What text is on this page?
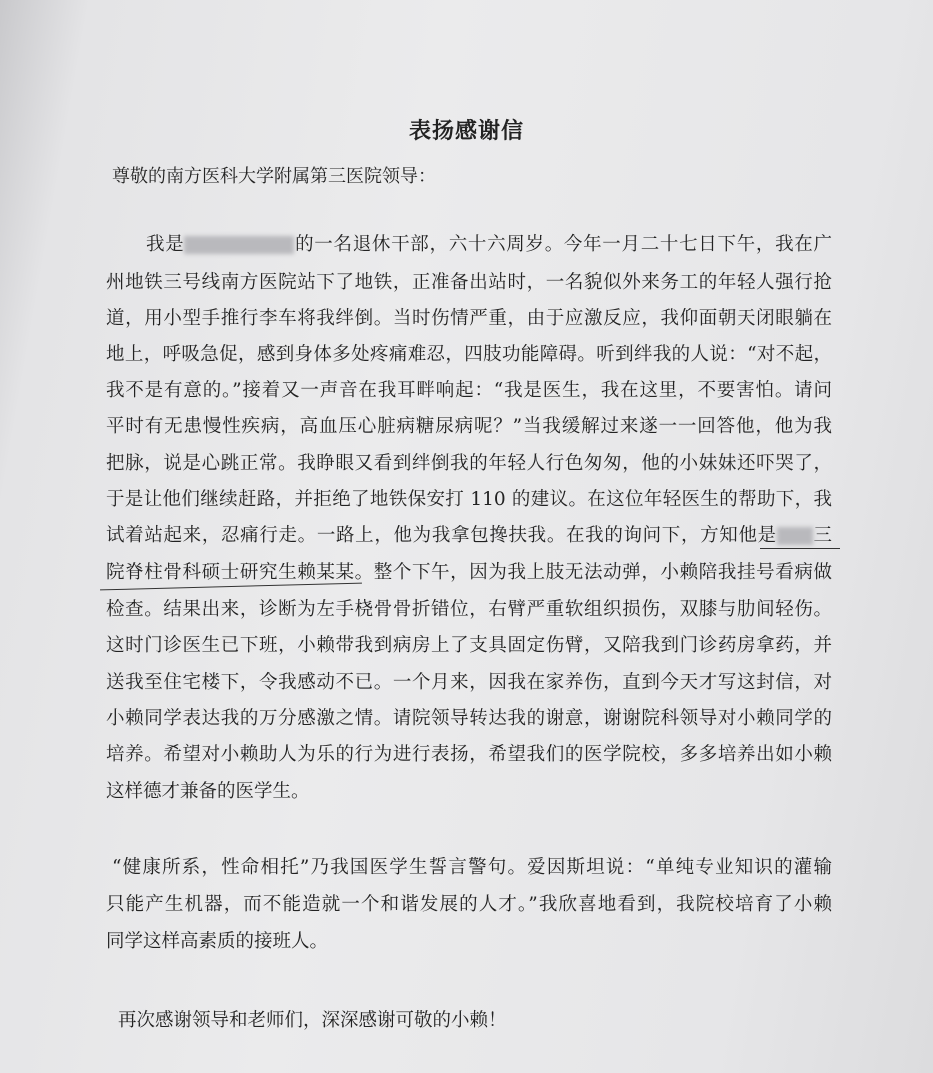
表扬感谢信
尊敬的南方医科大学附属第三医院领导：
我是	的一名退休干部，六十六周岁。今年一月二十七日下午，我在广
州地铁三号线南方医院站下了地铁，正准备出站时，一名貌似外来务工的年轻人强行抢
道，用小型手推行李车将我绊倒。当时伤情严重，由于应激反应，我仰面朝天闭眼躺在
地上，呼吸急促，感到身体多处疼痛难忍，四肢功能障碍。听到绊我的人说：“对不起，
我不是有意的。”接着又一声音在我耳畔响起：“我是医生，我在这里，不要害怕。请问
平时有无患慢性疾病，高血压心脏病糖尿病呢？”当我缓解过来遂一一回答他，他为我
把脉，说是心跳正常。我睁眼又看到绊倒我的年轻人行色匆匆，他的小妹妹还吓哭了，
于是让他们继续赶路，并拒绝了地铁保安打 110 的建议。在这位年轻医生的帮助下，我
试着站起来，忍痛行走。一路上，他为我拿包搀扶我。在我的询问下，方知他是 三
院脊柱骨科硕士研究生赖某某。整个下午，因为我上肢无法动弹，小赖陪我挂号看病做
检查。结果出来，诊断为左手桡骨骨折错位，右臂严重软组织损伤，双膝与肋间轻伤。
这时门诊医生已下班，小赖带我到病房上了支具固定伤臂，又陪我到门诊药房拿药，并
送我至住宅楼下，令我感动不已。一个月来，因我在家养伤，直到今天才写这封信，对
小赖同学表达我的万分感激之情。请院领导转达我的谢意，谢谢院科领导对小赖同学的
培养。希望对小赖助人为乐的行为进行表扬，希望我们的医学院校，多多培养出如小赖
这样德才兼备的医学生。
“健康所系，性命相托”乃我国医学生誓言警句。爱因斯坦说：“单纯专业知识的灌输
只能产生机器，而不能造就一个和谐发展的人才。”我欣喜地看到，我院校培育了小赖
同学这样高素质的接班人。
再次感谢领导和老师们，深深感谢可敬的小赖！
